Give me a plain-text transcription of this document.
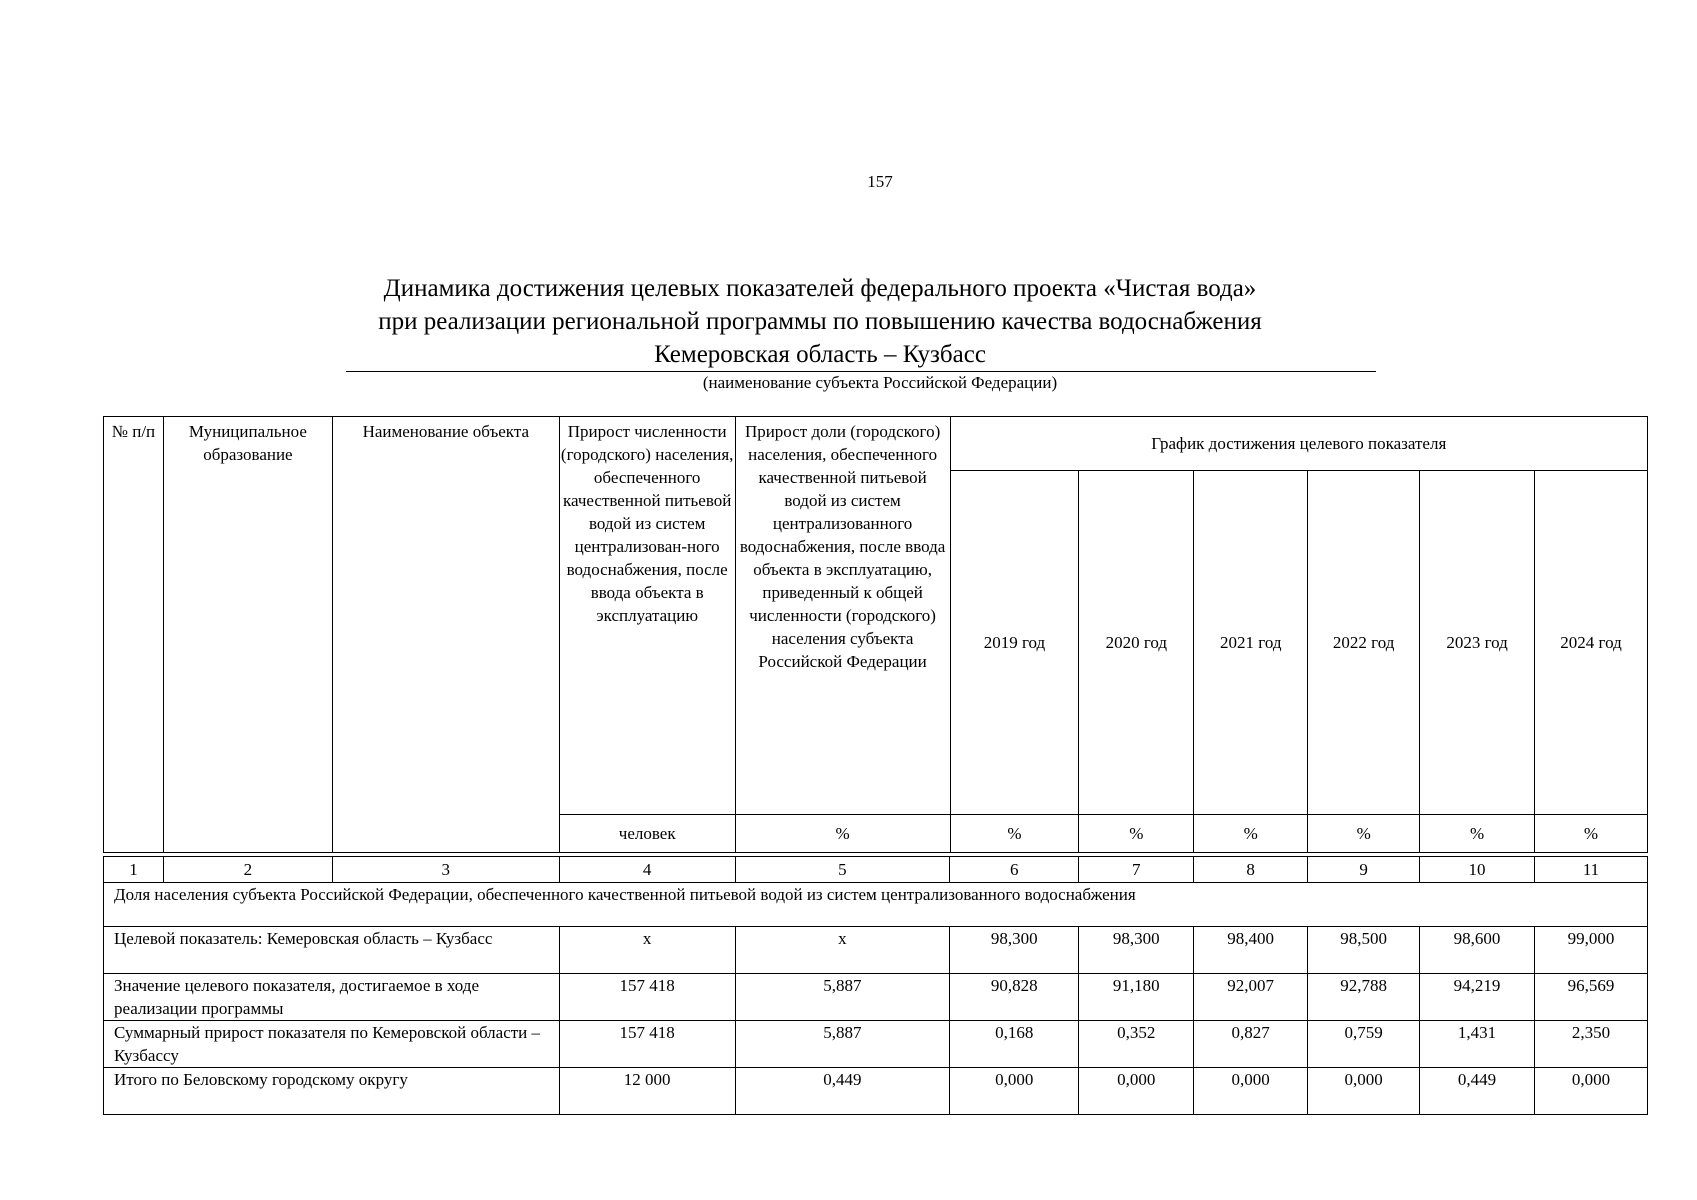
157
Динамика достижения целевых показателей федерального проекта «Чистая вода»
при реализации региональной программы по повышению качества водоснабжения
Кемеровская область – Кузбасс
(наименование субъекта Российской Федерации)
№ п/п	Муниципальное образование	Наименование объекта	Прирост численности (городского) населения, обеспеченного качественной питьевой водой из систем централизован-ного водоснабжения, после ввода объекта в эксплуатацию	Прирост доли (городского) населения, обеспеченного качественной питьевой водой из систем централизованного водоснабжения, после ввода объекта в эксплуатацию, приведенный к общей численности (городского) населения субъекта Российской Федерации	График достижения целевого показателя					
					2019 год	2020 год	2021 год	2022 год	2023 год	2024 год
			человек	%	%	%	%	%	%	%
1	2	3	4	5	6	7	8	9	10	11
Доля населения субъекта Российской Федерации, обеспеченного качественной питьевой водой из систем централизованного водоснабжения										
Целевой показатель: Кемеровская область – Кузбасс			х	х	98,300	98,300	98,400	98,500	98,600	99,000
Значение целевого показателя, достигаемое в ходе реализации программы			157 418	5,887	90,828	91,180	92,007	92,788	94,219	96,569
Суммарный прирост показателя по Кемеровской области – Кузбассу			157 418	5,887	0,168	0,352	0,827	0,759	1,431	2,350
Итого по Беловскому городскому округу			12 000	0,449	0,000	0,000	0,000	0,000	0,449	0,000
